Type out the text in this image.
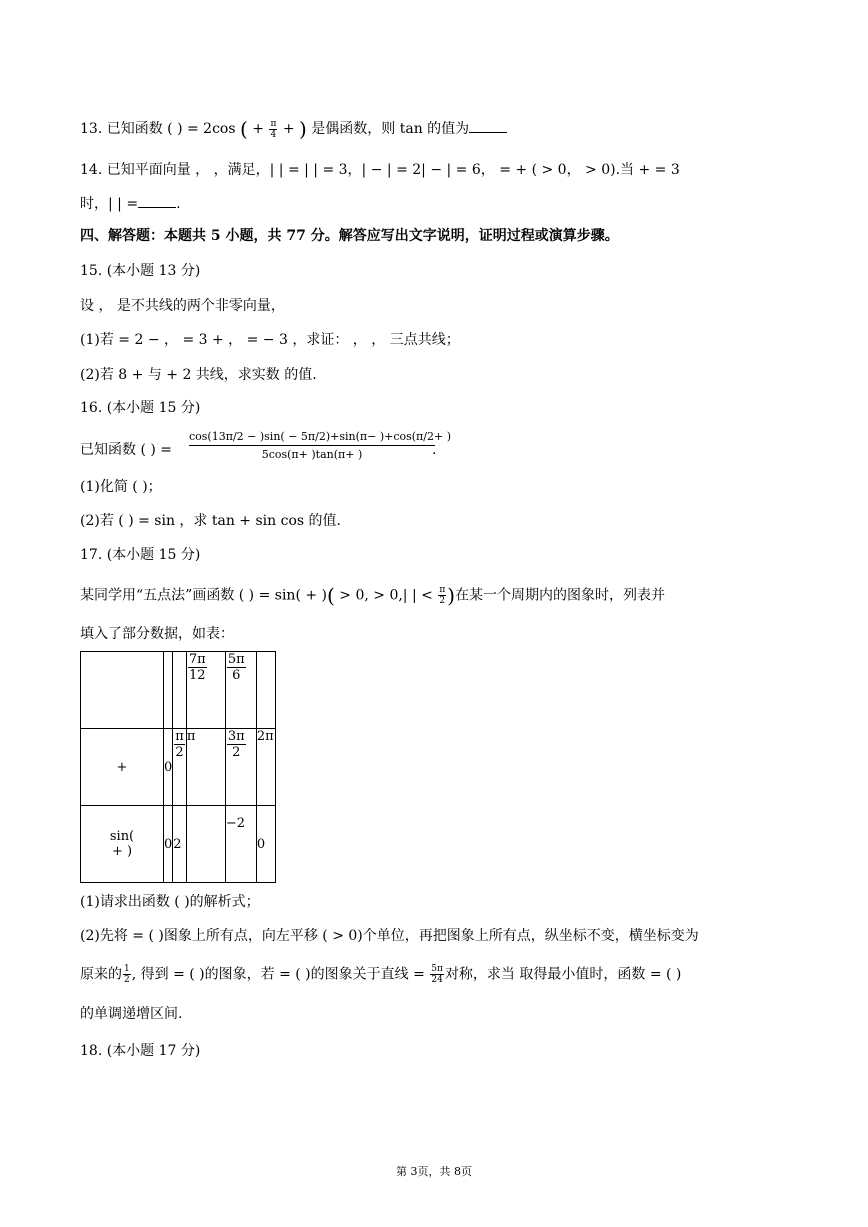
13. 已知函数 ( ) = 2cos ( + $\frac{\pi}{4}$ + ) 是偶函数，则 tan 的值为
14. 已知平面向量 ， ，满足，| | = | | = 3，| − | = 2| − | = 6， = + ( > 0， > 0).当 + = 3
时，| | =	.
四、解答题：本题共 5 小题，共 77 分。解答应写出文字说明，证明过程或演算步骤。
15. (本小题 13 分)
设 ， 是不共线的两个非零向量，
(1)若 = 2 − ， = 3 + ， = − 3 ，求证： ， ， 三点共线；
(2)若 8 + 与 + 2 共线，求实数 的值.
16. (本小题 15 分)
已知函数 ( ) = $\frac{\cos(13\pi/2 - )\sin( - 5\pi/2)+\sin(\pi- )+\cos(\pi/2+ )}{5\cos(\pi+ )\tan(\pi+ )}$
.
(1)化简 ( )；
(2)若 ( ) = sin ，求 tan + sin cos 的值.
17. (本小题 15 分)
某同学用“五点法”画函数 ( ) = sin( + )( > 0, > 0,| | < $\frac{\pi}{2}$ )在某一个周期内的图象时，列表并
填入了部分数据，如表：

			$\frac{7\pi}{12}$	$\frac{5\pi}{6}$

+	0	$\frac{\pi}{2}$	π	$\frac{3\pi}{2}$	2π

sin(
+ )	0	2		−2	0
(1)请求出函数 ( )的解析式；
(2)先将 = ( )图象上所有点，向左平移 ( > 0)个单位，再把图象上所有点，纵坐标不变，横坐标变为
原来的 $\frac{1}{2}$ , 得到 = ( )的图象，若 = ( )的图象关于直线 = $\frac{5\pi}{24}$ 对称，求当 取得最小值时，函数 = ( )
的单调递增区间.
18. (本小题 17 分)
第 3页，共 8页
